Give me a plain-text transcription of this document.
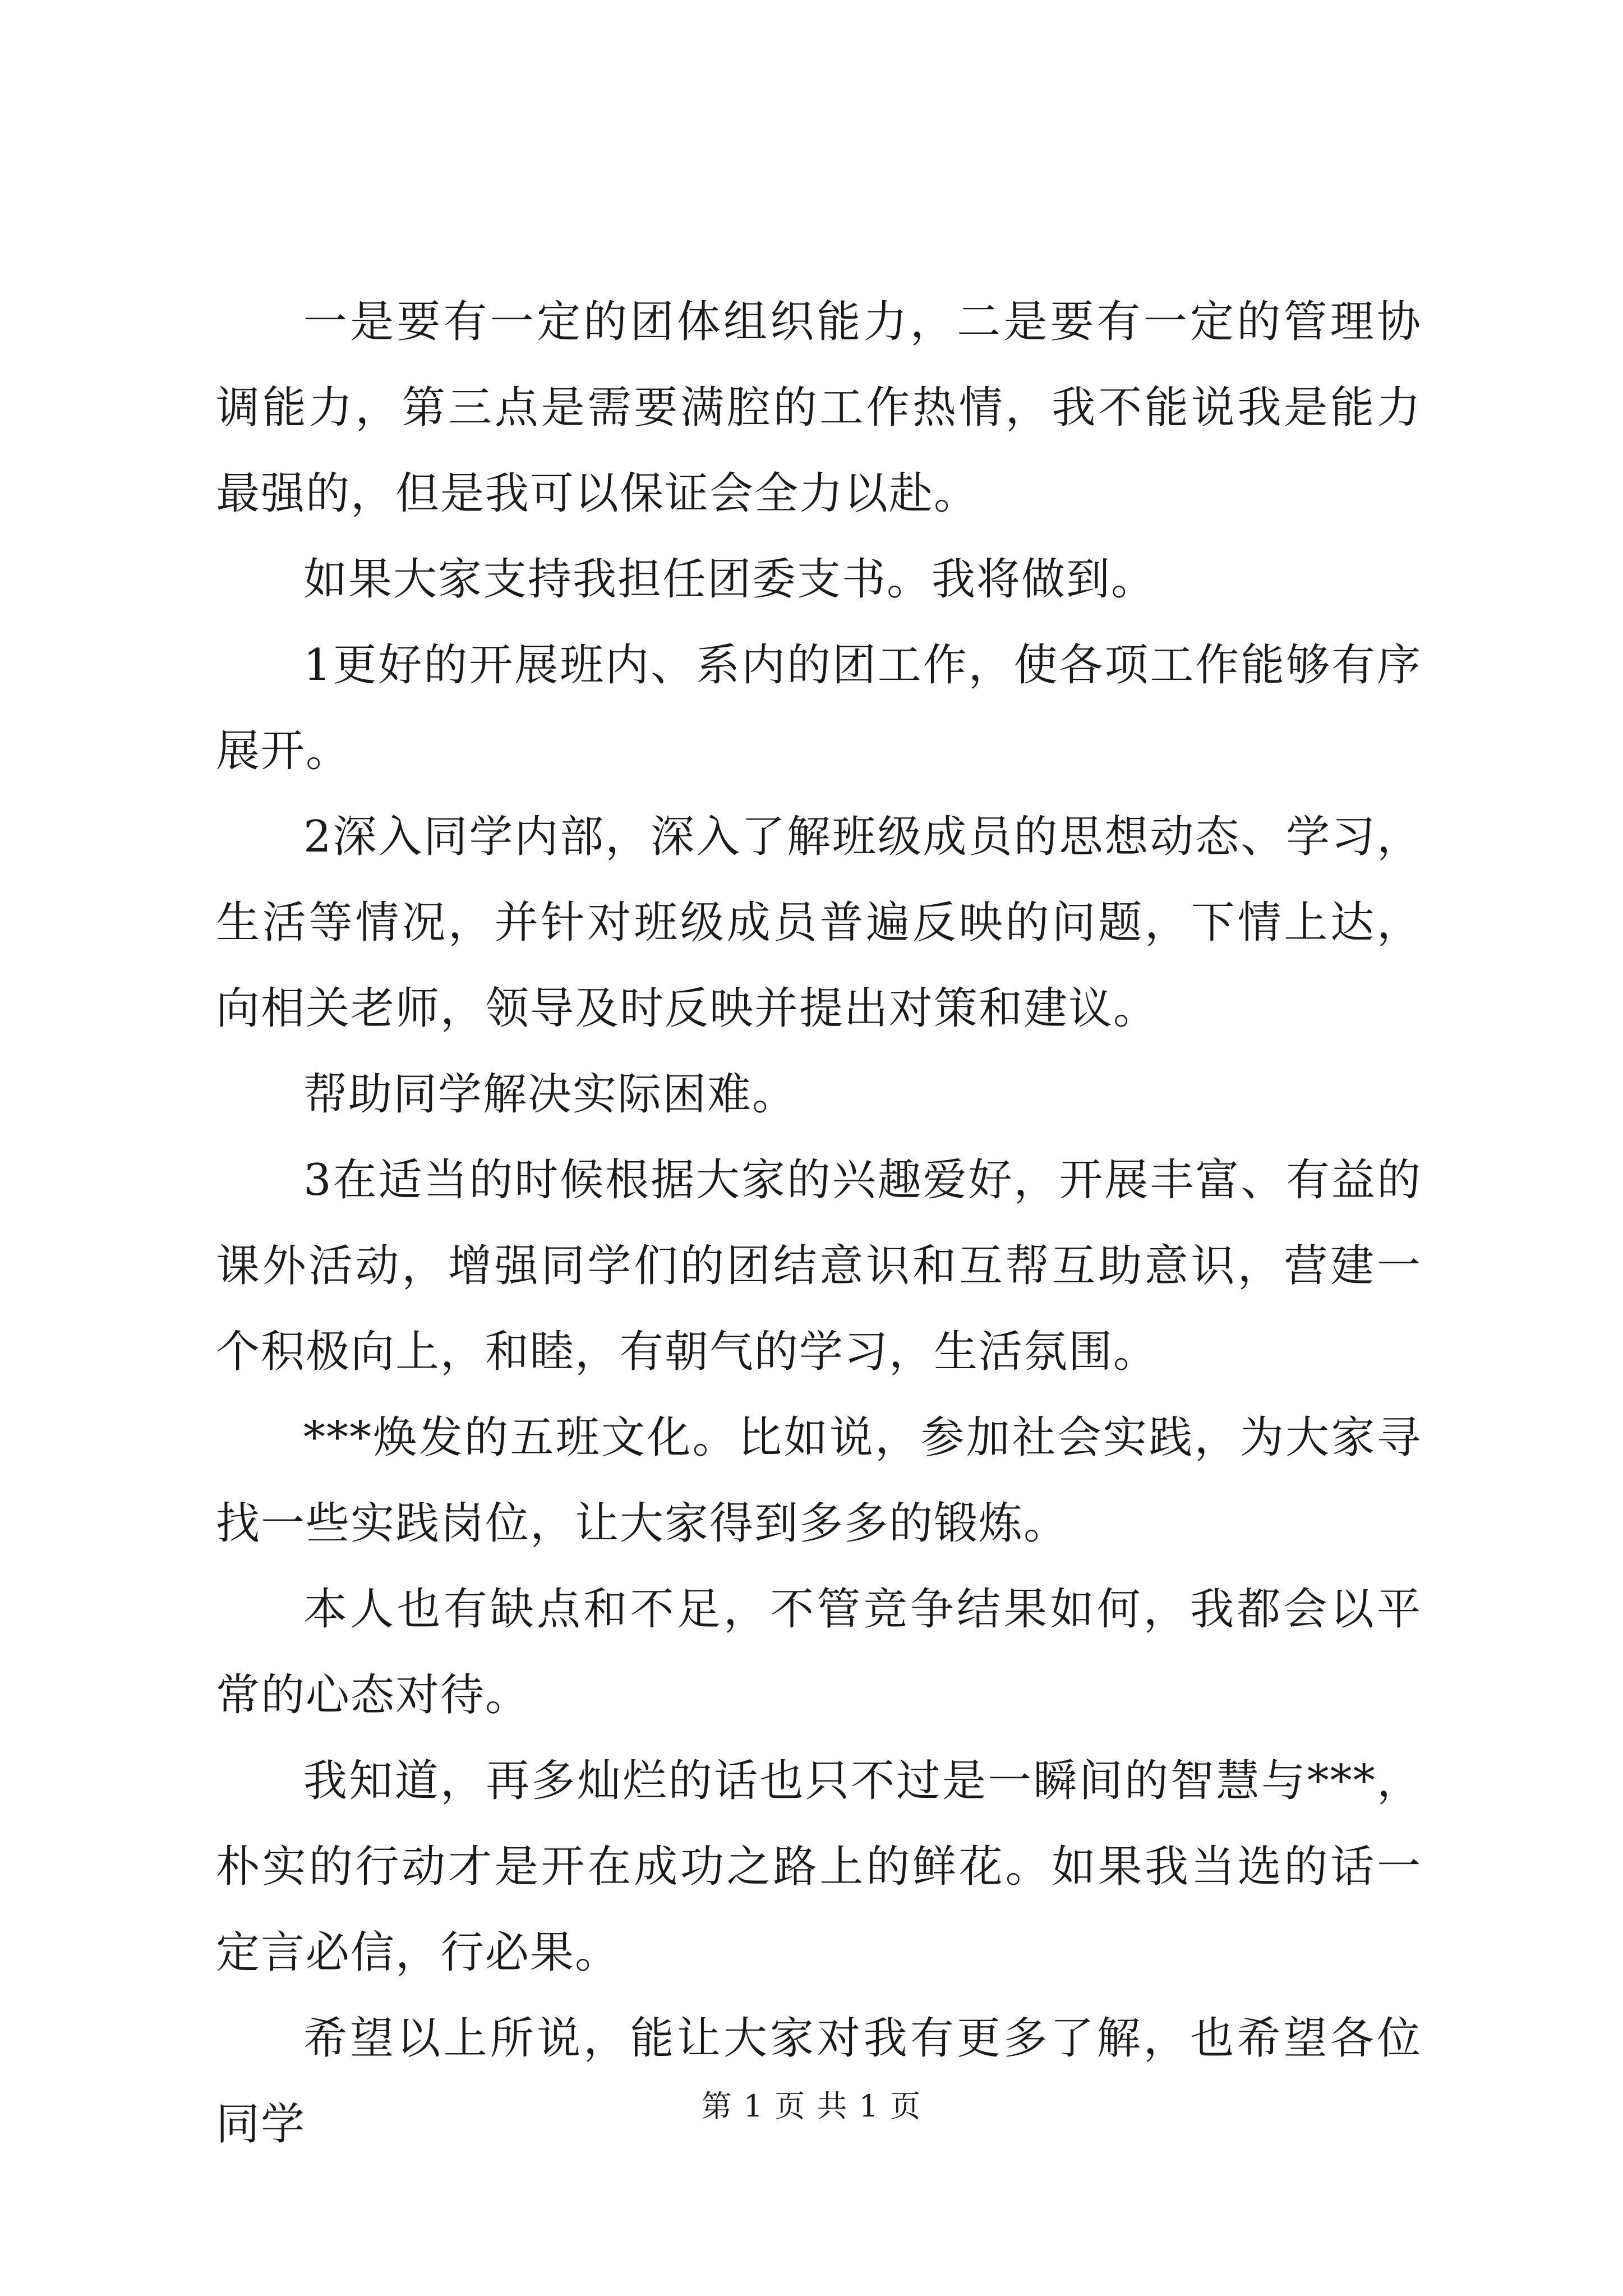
一是要有一定的团体组织能力，二是要有一定的管理协调能力，第三点是需要满腔的工作热情，我不能说我是能力最强的，但是我可以保证会全力以赴。

如果大家支持我担任团委支书。我将做到。

1更好的开展班内、系内的团工作，使各项工作能够有序展开。

2深入同学内部，深入了解班级成员的思想动态、学习，生活等情况，并针对班级成员普遍反映的问题，下情上达，向相关老师，领导及时反映并提出对策和建议。

帮助同学解决实际困难。

3在适当的时候根据大家的兴趣爱好，开展丰富、有益的课外活动，增强同学们的团结意识和互帮互助意识，营建一个积极向上，和睦，有朝气的学习，生活氛围。

***焕发的五班文化。比如说，参加社会实践，为大家寻找一些实践岗位，让大家得到多多的锻炼。

本人也有缺点和不足，不管竞争结果如何，我都会以平常的心态对待。

我知道，再多灿烂的话也只不过是一瞬间的智慧与***，朴实的行动才是开在成功之路上的鲜花。如果我当选的话一定言必信，行必果。

希望以上所说，能让大家对我有更多了解，也希望各位同学	第 1 页 共 1 页
